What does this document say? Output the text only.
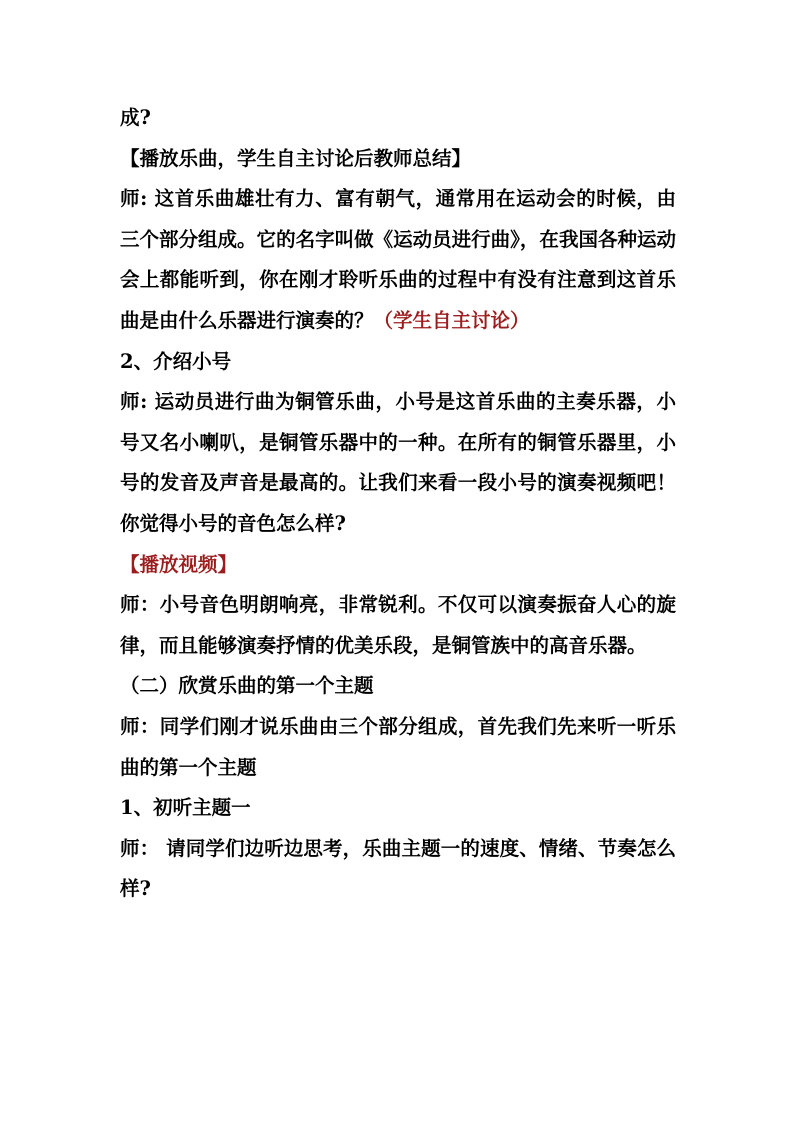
成?

【播放乐曲，学生自主讨论后教师总结】

师: 这首乐曲雄壮有力、富有朝气，通常用在运动会的时候，由三个部分组成。它的名字叫做《运动员进行曲》，在我国各种运动会上都能听到，你在刚才聆听乐曲的过程中有没有注意到这首乐曲是由什么乐器进行演奏的？（学生自主讨论）

2、介绍小号

师: 运动员进行曲为铜管乐曲，小号是这首乐曲的主奏乐器，小号又名小喇叭，是铜管乐器中的一种。在所有的铜管乐器里，小号的发音及声音是最高的。让我们来看一段小号的演奏视频吧！你觉得小号的音色怎么样?

【播放视频】

师：小号音色明朗响亮，非常锐利。不仅可以演奏振奋人心的旋律，而且能够演奏抒情的优美乐段，是铜管族中的高音乐器。

（二）欣赏乐曲的第一个主题

师：同学们刚才说乐曲由三个部分组成，首先我们先来听一听乐曲的第一个主题

1、初听主题一

师： 请同学们边听边思考，乐曲主题一的速度、情绪、节奏怎么样?
